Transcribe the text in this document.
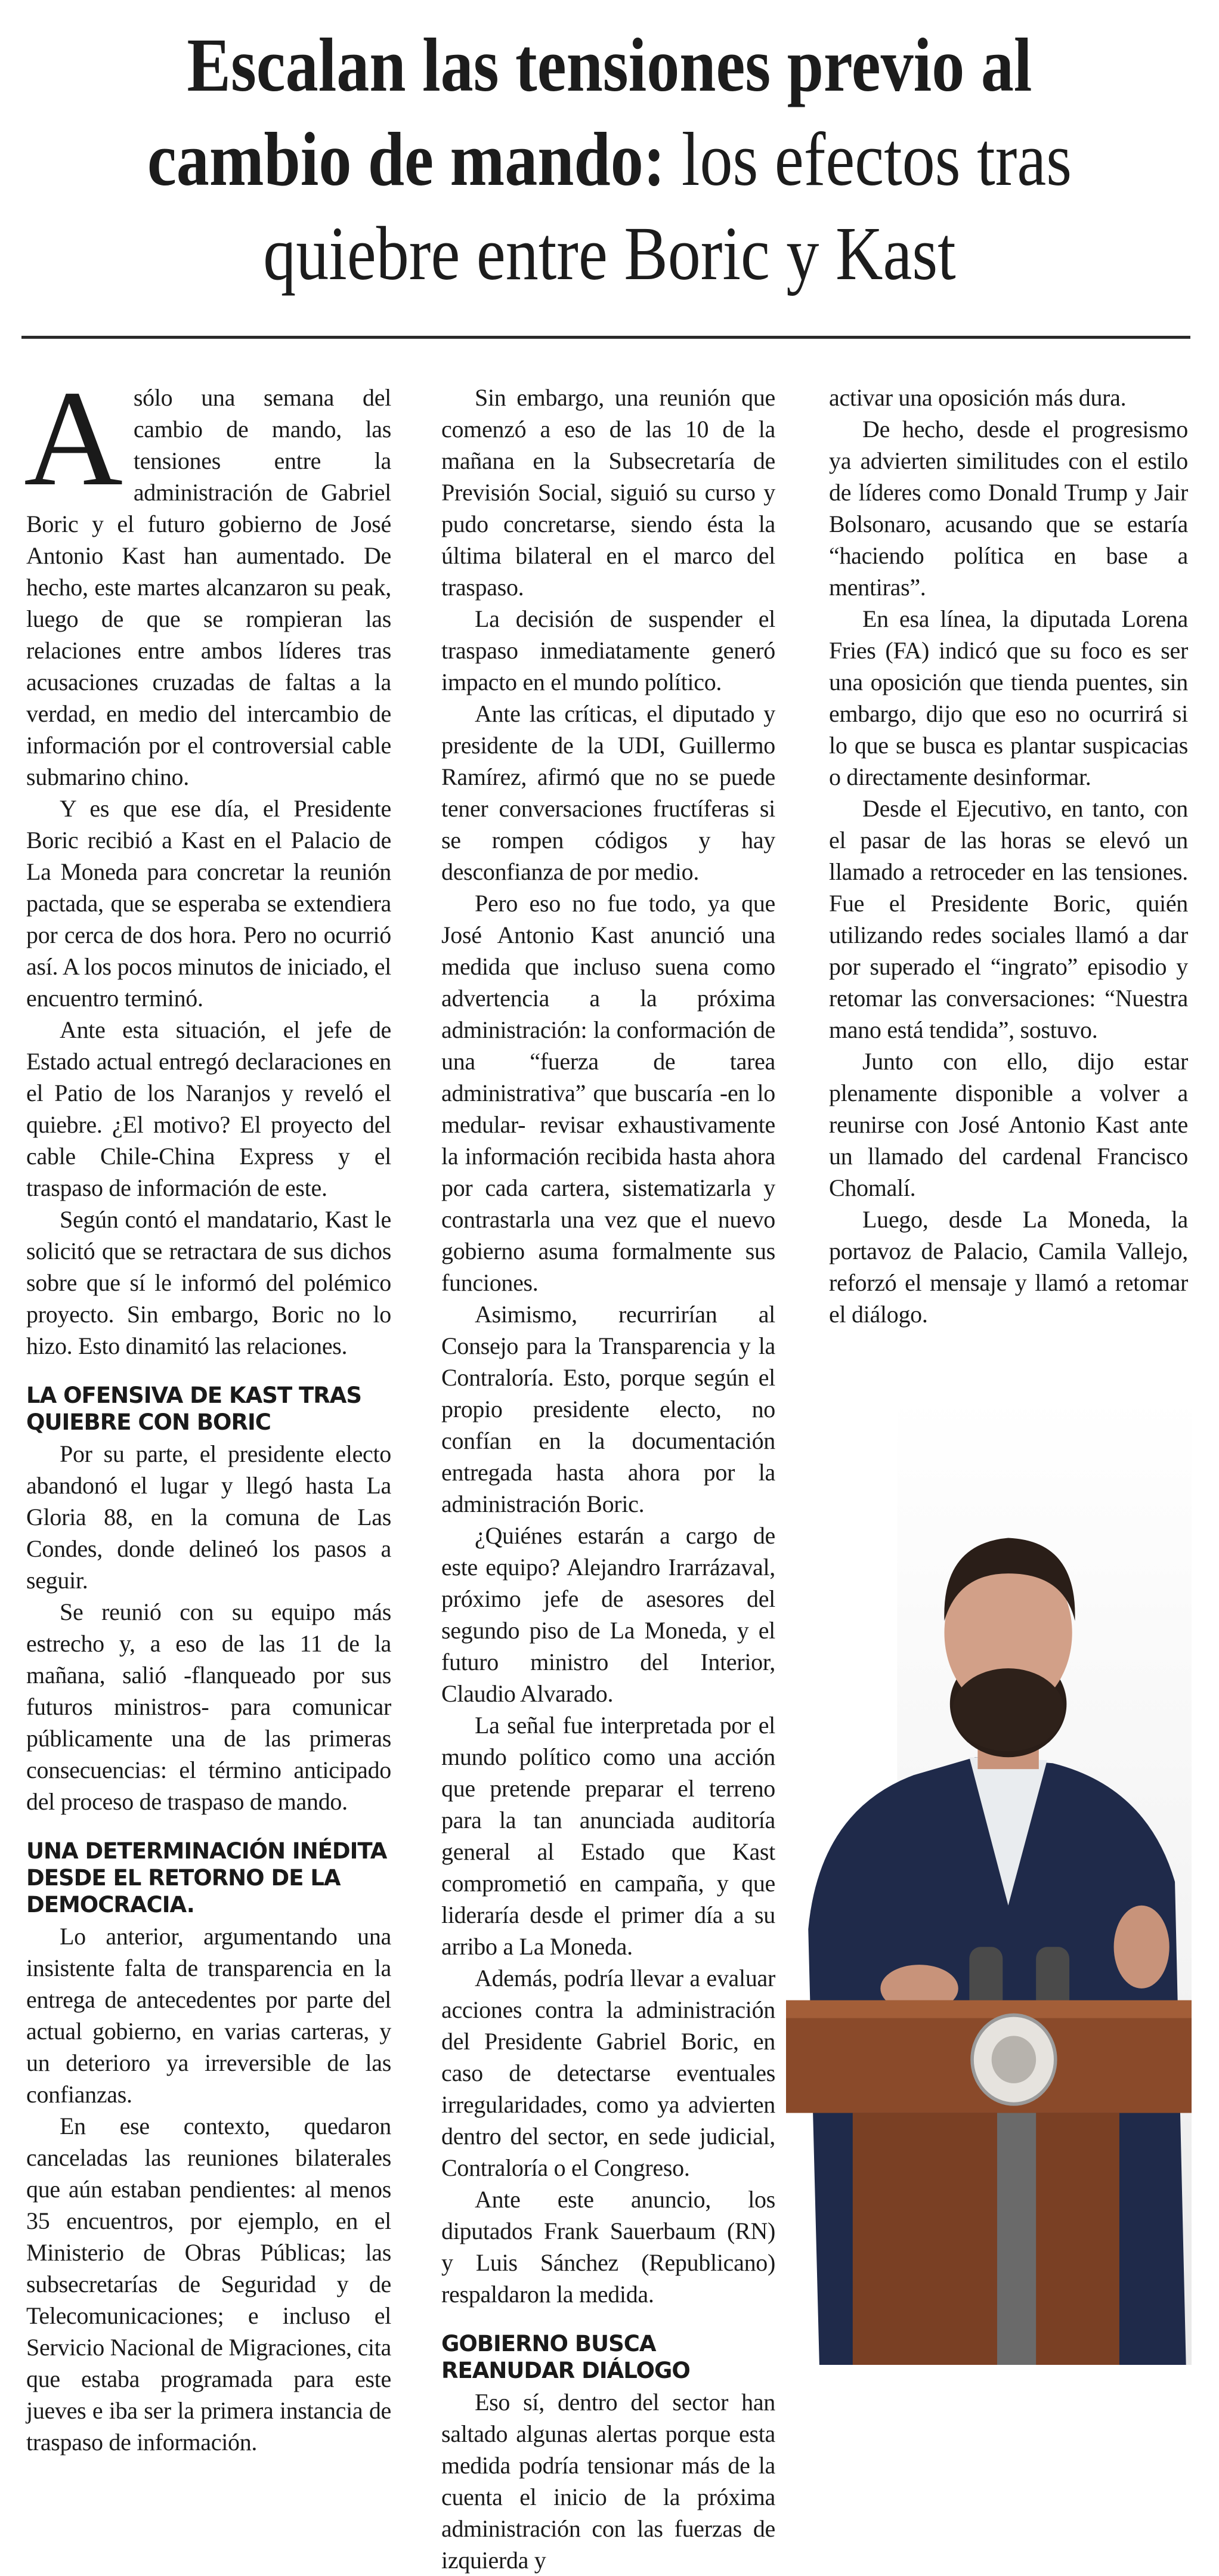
Escalan las tensiones previo al
cambio de mando: los efectos tras
quiebre entre Boric y Kast

Asólo una semana del cambio de mando, las tensiones entre la administración de Gabriel Boric y el futuro gobierno de José Antonio Kast han aumentado. De hecho, este martes alcanzaron su peak, luego de que se rompieran las relaciones entre ambos líderes tras acusaciones cruzadas de faltas a la verdad, en medio del intercambio de información por el controversial cable submarino chino.

Y es que ese día, el Presidente Boric recibió a Kast en el Palacio de La Moneda para concretar la reunión pactada, que se esperaba se extendiera por cerca de dos hora. Pero no ocurrió así. A los pocos minutos de iniciado, el encuentro terminó.

Ante esta situación, el jefe de Estado actual entregó declaraciones en el Patio de los Naranjos y reveló el quiebre. ¿El motivo? El proyecto del cable Chile-China Express y el traspaso de información de este.

Según contó el mandatario, Kast le solicitó que se retractara de sus dichos sobre que sí le informó del polémico proyecto. Sin embargo, Boric no lo hizo. Esto dinamitó las relaciones.

LA OFENSIVA DE KAST TRAS QUIEBRE CON BORIC

Por su parte, el presidente electo abandonó el lugar y llegó hasta La Gloria 88, en la comuna de Las Condes, donde delineó los pasos a seguir.

Se reunió con su equipo más estrecho y, a eso de las 11 de la mañana, salió -flanqueado por sus futuros ministros- para comunicar públicamente una de las primeras consecuencias: el término anticipado del proceso de traspaso de mando.

UNA DETERMINACIÓN INÉDITA DESDE EL RETORNO DE LA DEMOCRACIA.

Lo anterior, argumentando una insistente falta de transparencia en la entrega de antecedentes por parte del actual gobierno, en varias carteras, y un deterioro ya irreversible de las confianzas.

En ese contexto, quedaron canceladas las reuniones bilaterales que aún estaban pendientes: al menos 35 encuentros, por ejemplo, en el Ministerio de Obras Públicas; las subsecretarías de Seguridad y de Telecomunicaciones; e incluso el Servicio Nacional de Migraciones, cita que estaba programada para este jueves e iba ser la primera instancia de traspaso de información.

Sin embargo, una reunión que comenzó a eso de las 10 de la mañana en la Subsecretaría de Previsión Social, siguió su curso y pudo concretarse, siendo ésta la última bilateral en el marco del traspaso.

La decisión de suspender el traspaso inmediatamente generó impacto en el mundo político.

Ante las críticas, el diputado y presidente de la UDI, Guillermo Ramírez, afirmó que no se puede tener conversaciones fructíferas si se rompen códigos y hay desconfianza de por medio.

Pero eso no fue todo, ya que José Antonio Kast anunció una medida que incluso suena como advertencia a la próxima administración: la conformación de una “fuerza de tarea administrativa” que buscaría -en lo medular- revisar exhaustivamente la información recibida hasta ahora por cada cartera, sistematizarla y contrastarla una vez que el nuevo gobierno asuma formalmente sus funciones.

Asimismo, recurrirían al Consejo para la Transparencia y la Contraloría. Esto, porque según el propio presidente electo, no confían en la documentación entregada hasta ahora por la administración Boric.

¿Quiénes estarán a cargo de este equipo? Alejandro Irarrázaval, próximo jefe de asesores del segundo piso de La Moneda, y el futuro ministro del Interior, Claudio Alvarado.

La señal fue interpretada por el mundo político como una acción que pretende preparar el terreno para la tan anunciada auditoría general al Estado que Kast comprometió en campaña, y que lideraría desde el primer día a su arribo a La Moneda.

Además, podría llevar a evaluar acciones contra la administración del Presidente Gabriel Boric, en caso de detectarse eventuales irregularidades, como ya advierten dentro del sector, en sede judicial, Contraloría o el Congreso.

Ante este anuncio, los diputados Frank Sauerbaum (RN) y Luis Sánchez (Republicano) respaldaron la medida.

GOBIERNO BUSCA REANUDAR DIÁLOGO

Eso sí, dentro del sector han saltado algunas alertas porque esta medida podría tensionar más de la cuenta el inicio de la próxima administración con las fuerzas de izquierda y

activar una oposición más dura.

De hecho, desde el progresismo ya advierten similitudes con el estilo de líderes como Donald Trump y Jair Bolsonaro, acusando que se estaría “haciendo política en base a mentiras”.

En esa línea, la diputada Lorena Fries (FA) indicó que su foco es ser una oposición que tienda puentes, sin embargo, dijo que eso no ocurrirá si lo que se busca es plantar suspicacias o directamente desinformar.

Desde el Ejecutivo, en tanto, con el pasar de las horas se elevó un llamado a retroceder en las tensiones. Fue el Presidente Boric, quién utilizando redes sociales llamó a dar por superado el “ingrato” episodio y retomar las conversaciones: “Nuestra mano está tendida”, sostuvo.

Junto con ello, dijo estar plenamente disponible a volver a reunirse con José Antonio Kast ante un llamado del cardenal Francisco Chomalí.

Luego, desde La Moneda, la portavoz de Palacio, Camila Vallejo, reforzó el mensaje y llamó a retomar el diálogo.
